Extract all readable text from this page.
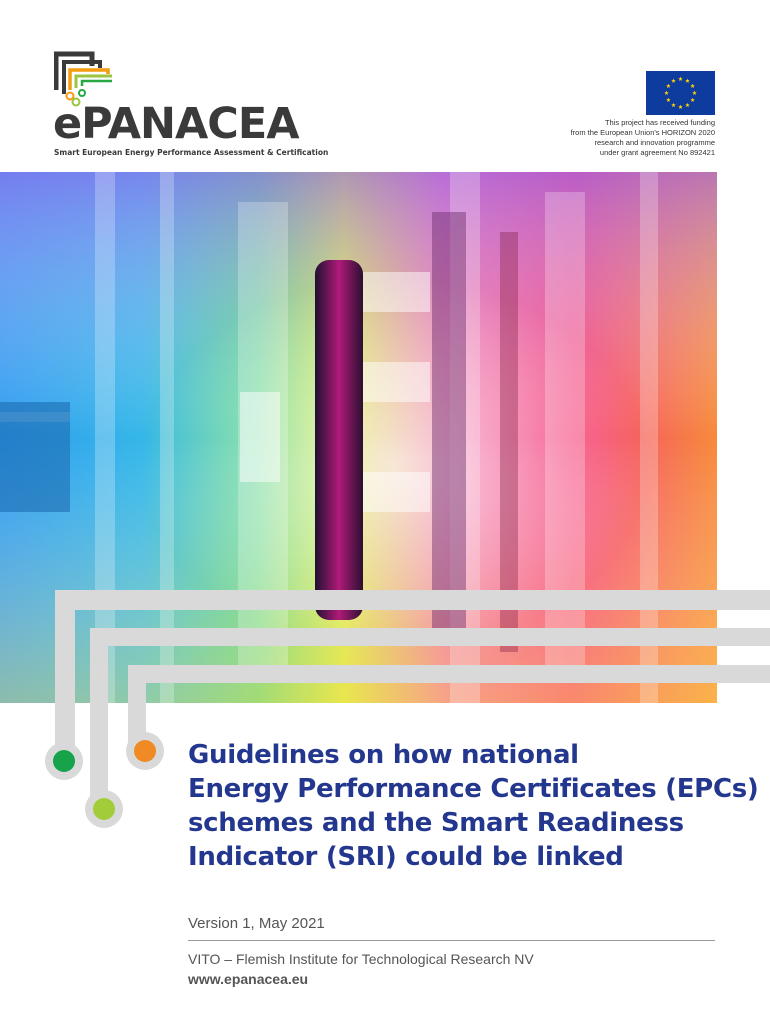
ePANACEA

Smart European Energy Performance Assessment & Certification

This project has received funding
from the European Union's HORIZON 2020
research and innovation programme
under grant agreement No 892421
Guidelines on how national
Energy Performance Certificates (EPCs)
schemes and the Smart Readiness
Indicator (SRI) could be linked
Version 1, May 2021
VITO – Flemish Institute for Technological Research NV
www.epanacea.eu
